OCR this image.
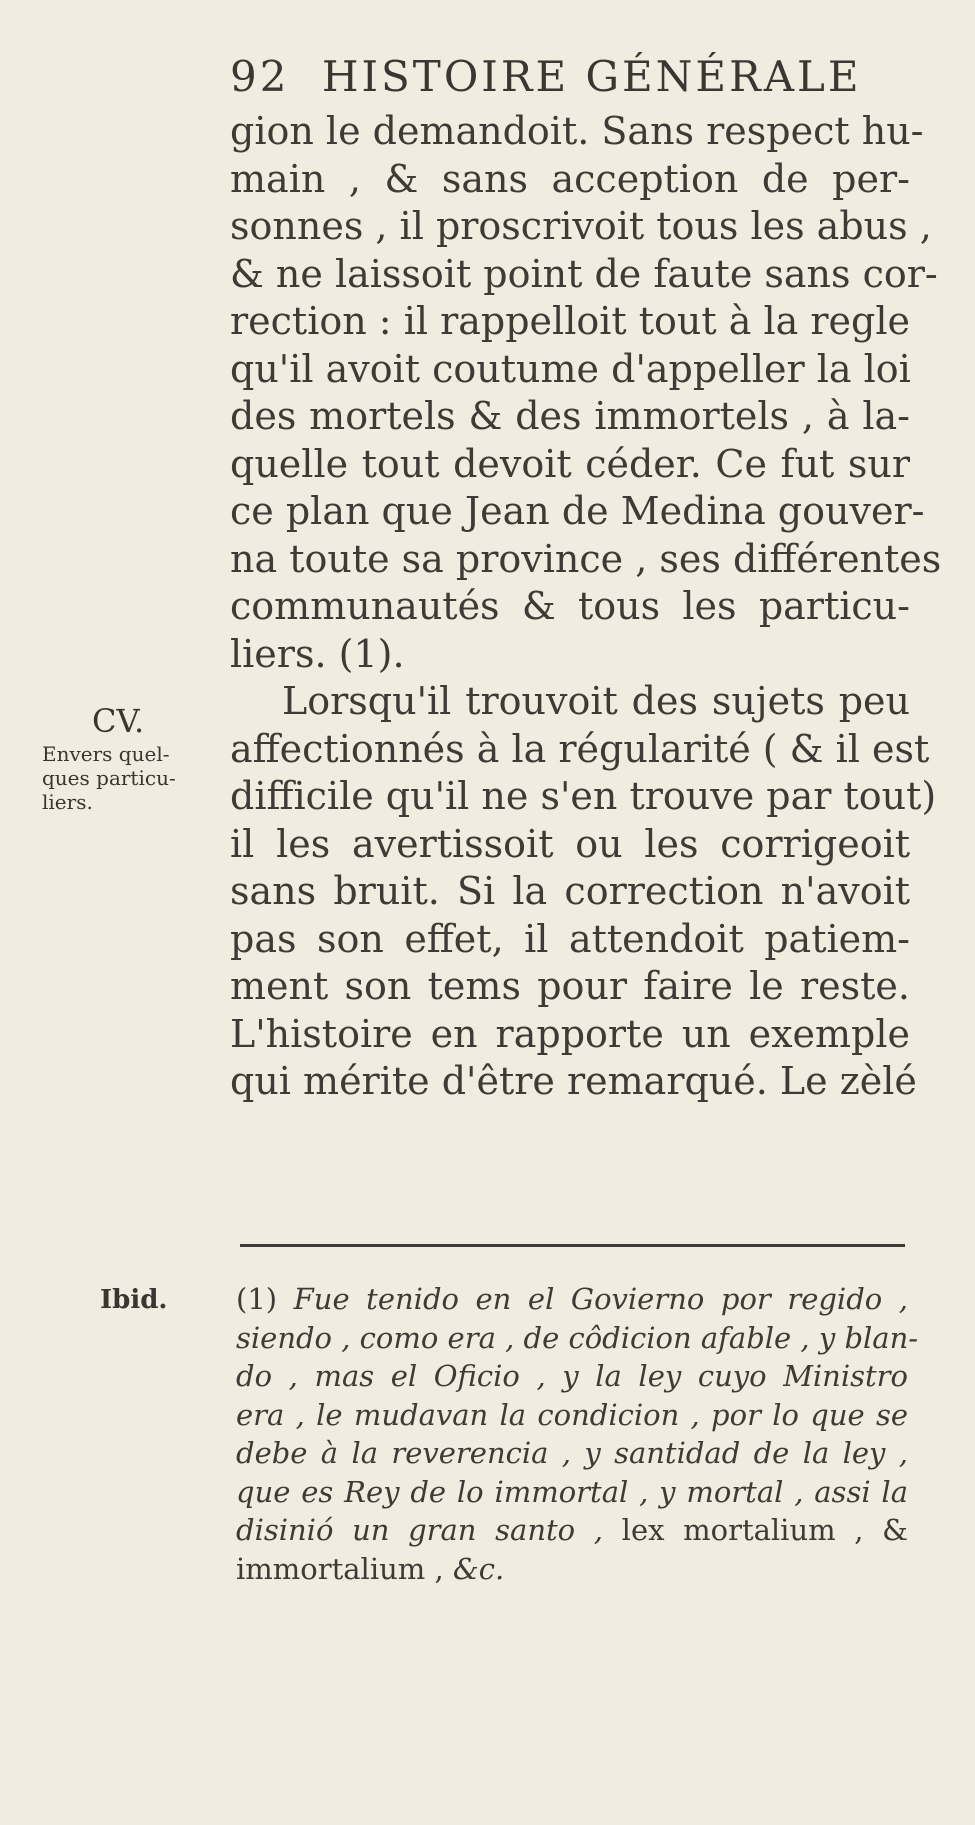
92 HISTOIRE GÉNÉRALE
gion le demandoit. Sans respect hu-
main , & sans acception de per-
sonnes , il proscrivoit tous les abus ,
& ne laissoit point de faute sans cor-
rection : il rappelloit tout à la regle
qu'il avoit coutume d'appeller la loi
des mortels & des immortels , à la-
quelle tout devoit céder. Ce fut sur
ce plan que Jean de Medina gouver-
na toute sa province , ses différentes
communautés & tous les particu-
liers. (1).
Lorsqu'il trouvoit des sujets peu
affectionnés à la régularité ( & il est
difficile qu'il ne s'en trouve par tout)
il les avertissoit ou les corrigeoit
sans bruit. Si la correction n'avoit
pas son effet, il attendoit patiem-
ment son tems pour faire le reste.
L'histoire en rapporte un exemple
qui mérite d'être remarqué. Le zèlé
CV.
Envers quel-
ques particu-
liers.
Ibid. (1) Fue tenido en el Govierno por regido ,
siendo , como era , de côdicion afable , y blan-
do , mas el Oficio , y la ley cuyo Ministro
era , le mudavan la condicion , por lo que se
debe à la reverencia , y santidad de la ley ,
que es Rey de lo immortal , y mortal , assi la
disinió un gran santo , lex mortalium , &
immortalium , &c.
